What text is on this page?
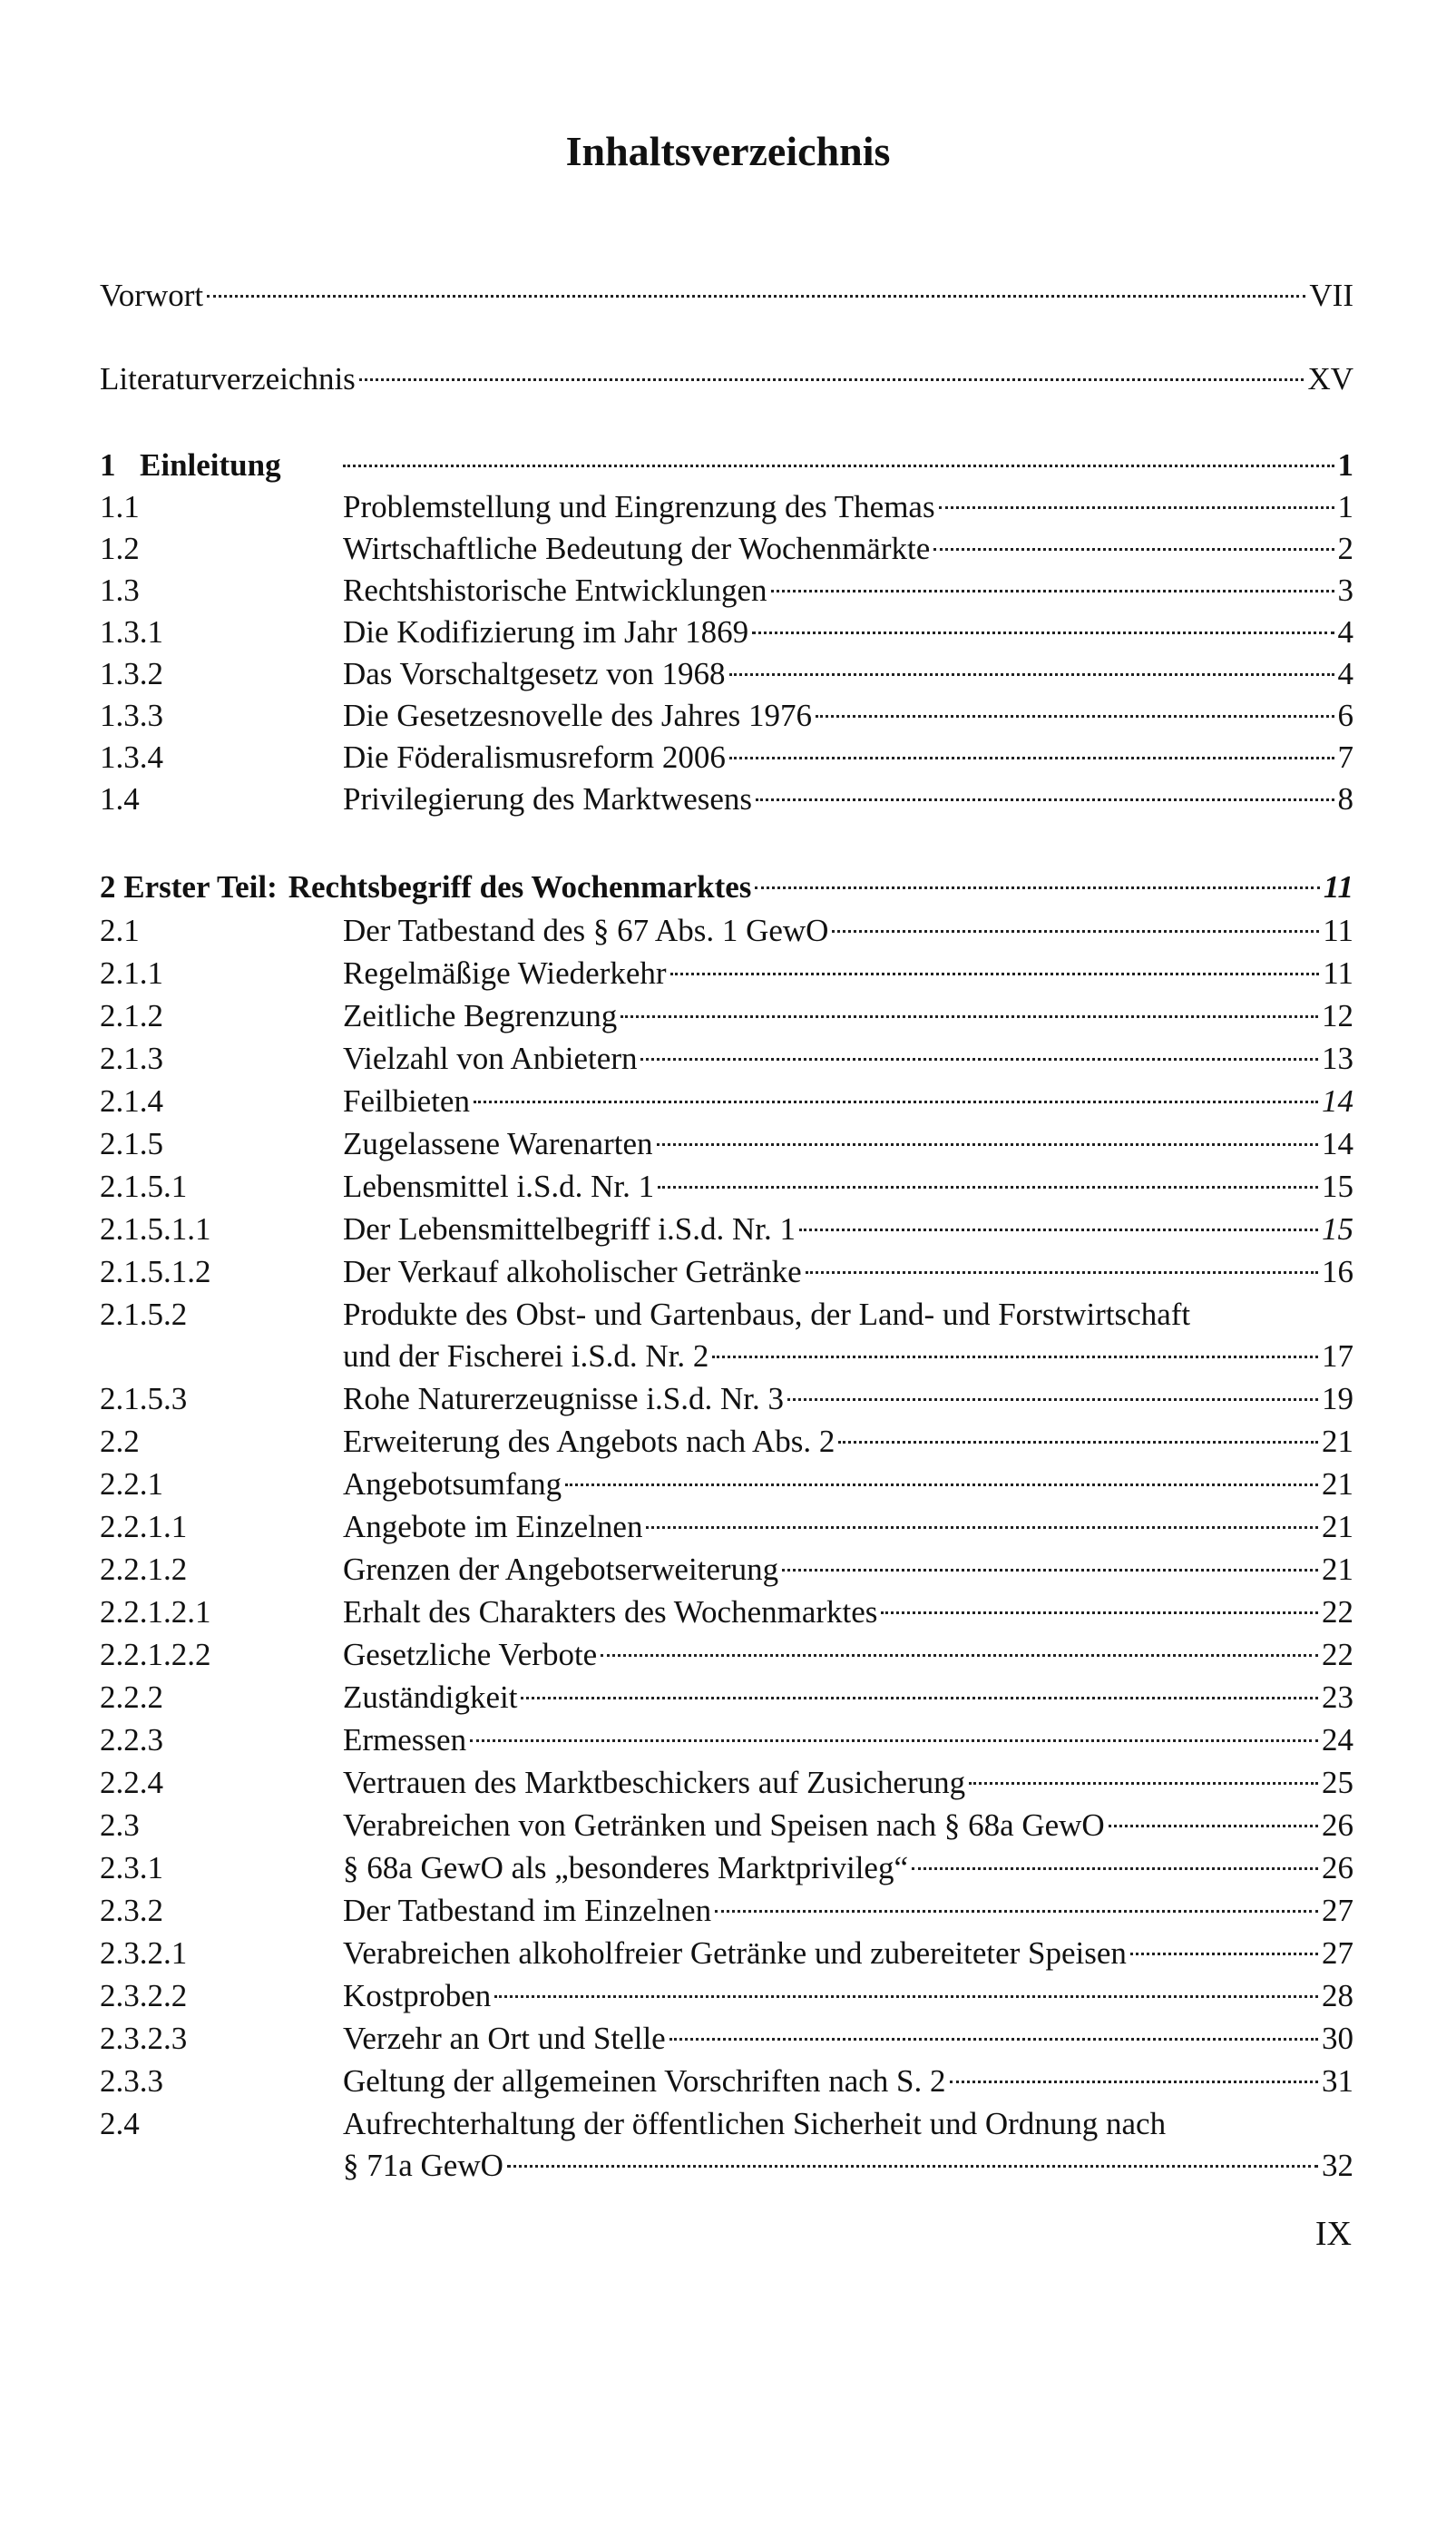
Inhaltsverzeichnis
Vorwort	VII
Literaturverzeichnis	XV
1 Einleitung	1
1.1	Problemstellung und Eingrenzung des Themas	1
1.2	Wirtschaftliche Bedeutung der Wochenmärkte	2
1.3	Rechtshistorische Entwicklungen	3
1.3.1	Die Kodifizierung im Jahr 1869	4
1.3.2	Das Vorschaltgesetz von 1968	4
1.3.3	Die Gesetzesnovelle des Jahres 1976	6
1.3.4	Die Föderalismusreform 2006	7
1.4	Privilegierung des Marktwesens	8
2 Erster Teil: Rechtsbegriff des Wochenmarktes	11
2.1	Der Tatbestand des § 67 Abs. 1 GewO	11
2.1.1	Regelmäßige Wiederkehr	11
2.1.2	Zeitliche Begrenzung	12
2.1.3	Vielzahl von Anbietern	13
2.1.4	Feilbieten	14
2.1.5	Zugelassene Warenarten	14
2.1.5.1	Lebensmittel i.S.d. Nr. 1	15
2.1.5.1.1	Der Lebensmittelbegriff i.S.d. Nr. 1	15
2.1.5.1.2	Der Verkauf alkoholischer Getränke	16
2.1.5.2	Produkte des Obst- und Gartenbaus, der Land- und Forstwirtschaft
und der Fischerei i.S.d. Nr. 2	17
2.1.5.3	Rohe Naturerzeugnisse i.S.d. Nr. 3	19
2.2	Erweiterung des Angebots nach Abs. 2	21
2.2.1	Angebotsumfang	21
2.2.1.1	Angebote im Einzelnen	21
2.2.1.2	Grenzen der Angebotserweiterung	21
2.2.1.2.1	Erhalt des Charakters des Wochenmarktes	22
2.2.1.2.2	Gesetzliche Verbote	22
2.2.2	Zuständigkeit	23
2.2.3	Ermessen	24
2.2.4	Vertrauen des Marktbeschickers auf Zusicherung	25
2.3	Verabreichen von Getränken und Speisen nach § 68a GewO	26
2.3.1	§ 68a GewO als „besonderes Marktprivileg“	26
2.3.2	Der Tatbestand im Einzelnen	27
2.3.2.1	Verabreichen alkoholfreier Getränke und zubereiteter Speisen	27
2.3.2.2	Kostproben	28
2.3.2.3	Verzehr an Ort und Stelle	30
2.3.3	Geltung der allgemeinen Vorschriften nach S. 2	31
2.4	Aufrechterhaltung der öffentlichen Sicherheit und Ordnung nach
§ 71a GewO	32
IX
